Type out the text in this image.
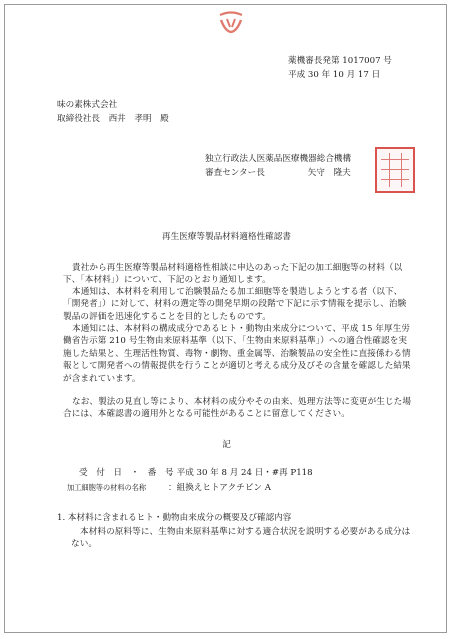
薬機審長発第 1017007 号
平成 30 年 10 月 17 日
味の素株式会社
取締役社長　西井　孝明　殿
独立行政法人医薬品医療機器総合機構
審査センター長　　　　　矢守　隆夫
再生医療等製品材料適格性確認書
貴社から再生医療等製品材料適格性相談に申込のあった下記の加工細胞等の材料（以下、「本材料」）について、下記のとおり通知します。
本通知は、本材料を利用して治験製品たる加工細胞等を製造しようとする者（以下、「開発者」）に対して、材料の選定等の開発早期の段階で下記に示す情報を提示し、治験製品の評価を迅速化することを目的としたものです。
本通知には、本材料の構成成分であるヒト・動物由来成分について、平成 15 年厚生労働省告示第 210 号生物由来原料基準（以下、「生物由来原料基準」）への適合性確認を実施した結果と、生理活性物質、毒物・劇物、重金属等、治験製品の安全性に直接係わる情報として開発者への情報提供を行うことが適切と考える成分及びその含量を確認した結果が含まれています。
なお、製法の見直し等により、本材料の成分やその由来、処理方法等に変更が生じた場合には、本確認書の適用外となる可能性があることに留意してください。
記
受　付　日　・　番　号
：平成 30 年 8 月 24 日・#再 P118
加工細胞等の材料の名称	：組換えヒトアクチビン A
1. 本材料に含まれるヒト・動物由来成分の概要及び確認内容
本材料の原料等に、生物由来原料基準に対する適合状況を説明する必要がある成分はない。
